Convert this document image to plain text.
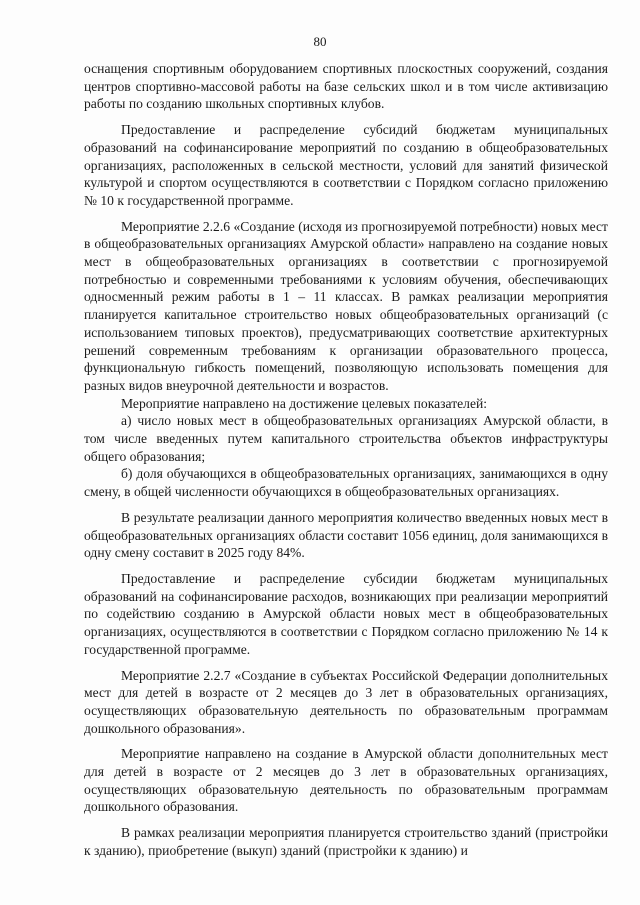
80

оснащения спортивным оборудованием спортивных плоскостных сооружений, создания центров спортивно-массовой работы на базе сельских школ и в том числе активизацию работы по созданию школьных спортивных клубов.

Предоставление и распределение субсидий бюджетам муниципальных образований на софинансирование мероприятий по созданию в общеобразовательных организациях, расположенных в сельской местности, условий для занятий физической культурой и спортом осуществляются в соответствии с Порядком согласно приложению № 10 к государственной программе.

Мероприятие 2.2.6 «Создание (исходя из прогнозируемой потребности) новых мест в общеобразовательных организациях Амурской области» направлено на создание новых мест в общеобразовательных организациях в соответствии с прогнозируемой потребностью и современными требованиями к условиям обучения, обеспечивающих односменный режим работы в 1 – 11 классах. В рамках реализации мероприятия планируется капитальное строительство новых общеобразовательных организаций (с использованием типовых проектов), предусматривающих соответствие архитектурных решений современным требованиям к организации образовательного процесса, функциональную гибкость помещений, позволяющую использовать помещения для разных видов внеурочной деятельности и возрастов.

Мероприятие направлено на достижение целевых показателей:

а) число новых мест в общеобразовательных организациях Амурской области, в том числе введенных путем капитального строительства объектов инфраструктуры общего образования;

б) доля обучающихся в общеобразовательных организациях, занимающихся в одну смену, в общей численности обучающихся в общеобразовательных организациях.

В результате реализации данного мероприятия количество введенных новых мест в общеобразовательных организациях области составит 1056 единиц, доля занимающихся в одну смену составит в 2025 году 84%.

Предоставление и распределение субсидии бюджетам муниципальных образований на софинансирование расходов, возникающих при реализации мероприятий по содействию созданию в Амурской области новых мест в общеобразовательных организациях, осуществляются в соответствии с Порядком согласно приложению № 14 к государственной программе.

Мероприятие 2.2.7 «Создание в субъектах Российской Федерации дополнительных мест для детей в возрасте от 2 месяцев до 3 лет в образовательных организациях, осуществляющих образовательную деятельность по образовательным программам дошкольного образования».

Мероприятие направлено на создание в Амурской области дополнительных мест для детей в возрасте от 2 месяцев до 3 лет в образовательных организациях, осуществляющих образовательную деятельность по образовательным программам дошкольного образования.

В рамках реализации мероприятия планируется строительство зданий (пристройки к зданию), приобретение (выкуп) зданий (пристройки к зданию) и
